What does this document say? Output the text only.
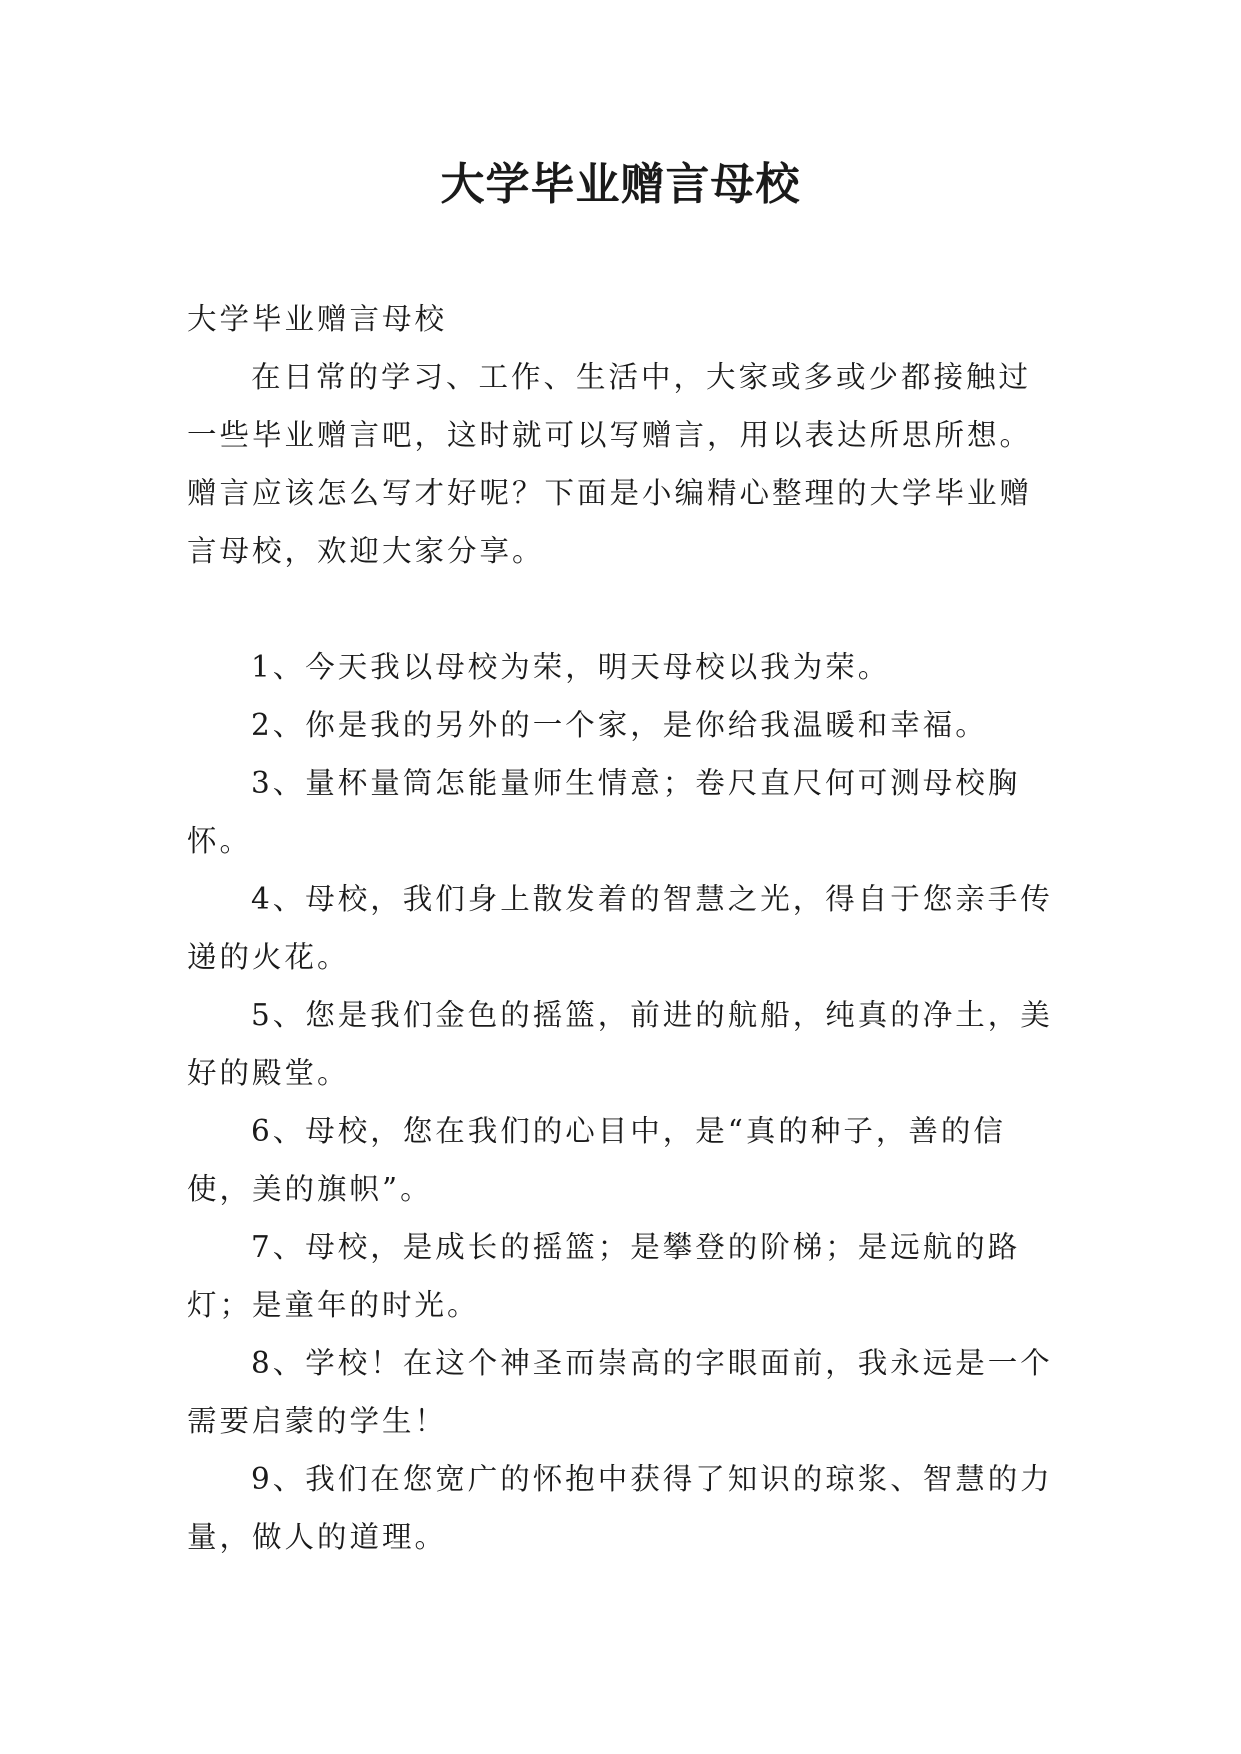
大学毕业赠言母校

大学毕业赠言母校

在日常的学习、工作、生活中，大家或多或少都接触过一些毕业赠言吧，这时就可以写赠言，用以表达所思所想。赠言应该怎么写才好呢？下面是小编精心整理的大学毕业赠言母校，欢迎大家分享。

1、今天我以母校为荣，明天母校以我为荣。

2、你是我的另外的一个家，是你给我温暖和幸福。

3、量杯量筒怎能量师生情意；卷尺直尺何可测母校胸怀。

4、母校，我们身上散发着的智慧之光，得自于您亲手传递的火花。

5、您是我们金色的摇篮，前进的航船，纯真的净土，美好的殿堂。

6、母校，您在我们的心目中，是“真的种子，善的信使，美的旗帜”。

7、母校，是成长的摇篮；是攀登的阶梯；是远航的路灯；是童年的时光。

8、学校！在这个神圣而崇高的字眼面前，我永远是一个需要启蒙的学生！

9、我们在您宽广的怀抱中获得了知识的琼浆、智慧的力量，做人的道理。
